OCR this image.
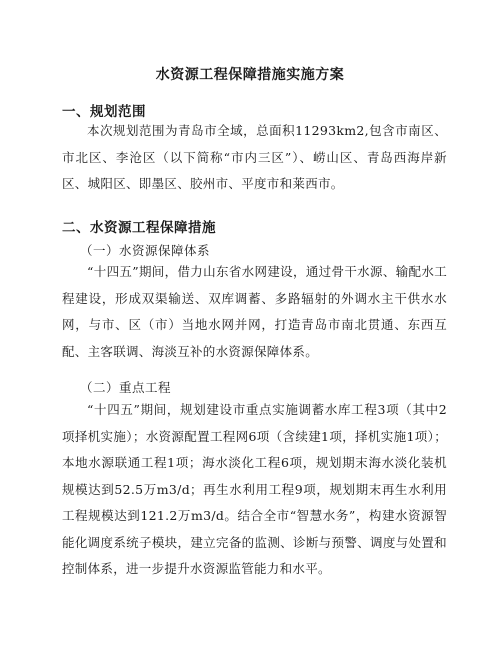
水资源工程保障措施实施方案
一、规划范围
本次规划范围为青岛市全域，总面积11293km2,包含市南区、市北区、李沧区（以下简称“市内三区”）、崂山区、青岛西海岸新区、城阳区、即墨区、胶州市、平度市和莱西市。
二、水资源工程保障措施
（一）水资源保障体系
“十四五”期间，借力山东省水网建设，通过骨干水源、输配水工程建设，形成双渠输送、双库调蓄、多路辐射的外调水主干供水水网，与市、区（市）当地水网并网，打造青岛市南北贯通、东西互配、主客联调、海淡互补的水资源保障体系。
（二）重点工程
“十四五”期间，规划建设市重点实施调蓄水库工程3项（其中2项择机实施）；水资源配置工程网6项（含续建1项，择机实施1项）；本地水源联通工程1项；海水淡化工程6项，规划期末海水淡化装机规模达到52.5万m3/d；再生水利用工程9项，规划期末再生水利用工程规模达到121.2万m3/d。结合全市“智慧水务”，构建水资源智能化调度系统子模块，建立完备的监测、诊断与预警、调度与处置和控制体系，进一步提升水资源监管能力和水平。
